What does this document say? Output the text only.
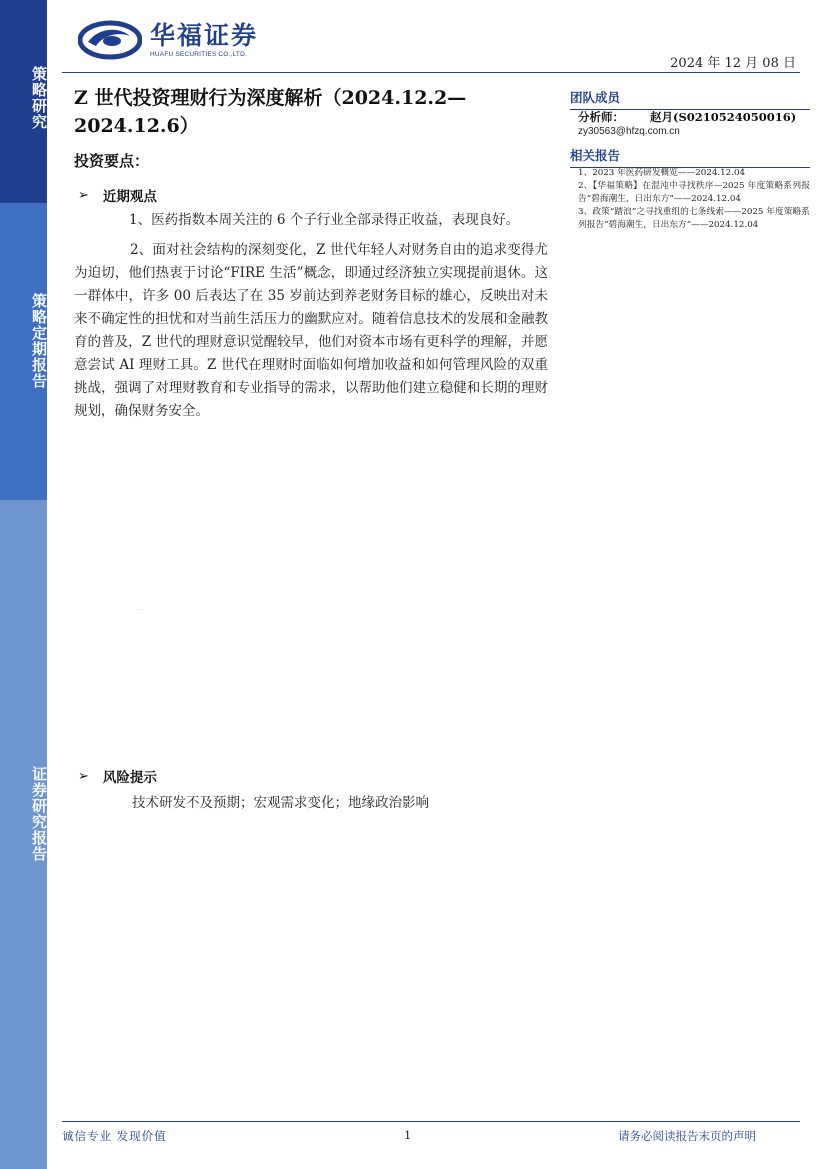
策略研究
策略定期报告
证券研究报告
华福证券
HUAFU SECURITIES CO.,LTD.
2024 年 12 月 08 日
Z 世代投资理财行为深度解析（2024.12.2—2024.12.6）
投资要点：
➢ 近期观点
1、医药指数本周关注的 6 个子行业全部录得正收益，表现良好。
2、面对社会结构的深刻变化，Z 世代年轻人对财务自由的追求变得尤为迫切，他们热衷于讨论“FIRE 生活”概念，即通过经济独立实现提前退休。这一群体中，许多 00 后表达了在 35 岁前达到养老财务目标的雄心，反映出对未来不确定性的担忧和对当前生活压力的幽默应对。随着信息技术的发展和金融教育的普及，Z 世代的理财意识觉醒较早，他们对资本市场有更科学的理解，并愿意尝试 AI 理财工具。Z 世代在理财时面临如何增加收益和如何管理风险的双重挑战，强调了对理财教育和专业指导的需求，以帮助他们建立稳健和长期的理财规划，确保财务安全。
· ·
➢ 风险提示
技术研发不及预期；宏观需求变化；地缘政治影响
团队成员
分析师： 赵月(S0210524050016)
zy30563@hfzq.com.cn
相关报告

1、2023 年医药研发概览——2024.12.04

2、【华福策略】在混沌中寻找秩序—2025 年度策略系列报告“碧海潮生，日出东方”——2024.12.04

3、政策“踏浪”之寻找重组的七条线索——2025 年度策略系列报告“碧海潮生，日出东方”——2024.12.04

诚信专业 发现价值	1	请务必阅读报告末页的声明
